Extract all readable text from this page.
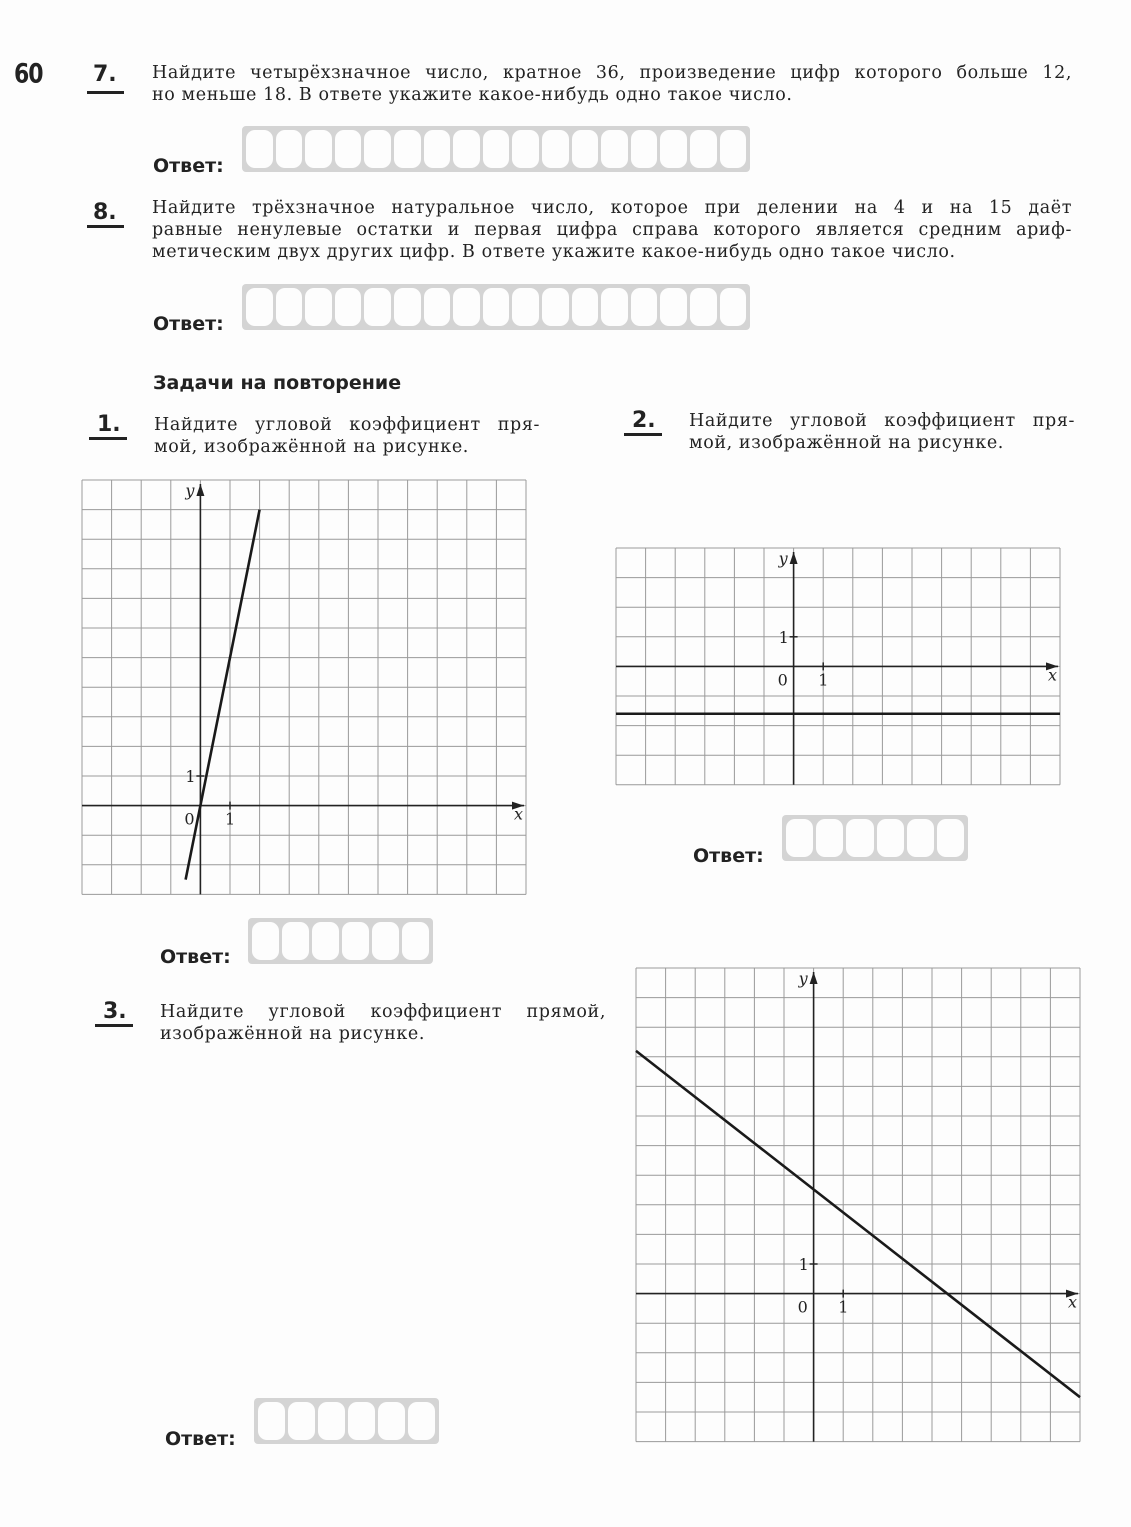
60 7. Найдите четырёхзначное число, кратное 36, произведение цифр которого больше 12,
но меньше 18. В ответе укажите какое-нибудь одно такое число.
Ответ:
8. Найдите трёхзначное натуральное число, которое при делении на 4 и на 15 даёт
равные ненулевые остатки и первая цифра справа которого является средним ариф-
метическим двух других цифр. В ответе укажите какое-нибудь одно такое число.
Ответ:
Задачи на повторение
1. Найдите угловой коэффициент пря-
мой, изображённой на рисунке.
2. Найдите угловой коэффициент пря-
мой, изображённой на рисунке.
1
1
0	x
y
1
1
0	x
y
1
1
0	x
y
Ответ:
Ответ:
3. Найдите угловой коэффициент прямой,
изображённой на рисунке.
Ответ:
